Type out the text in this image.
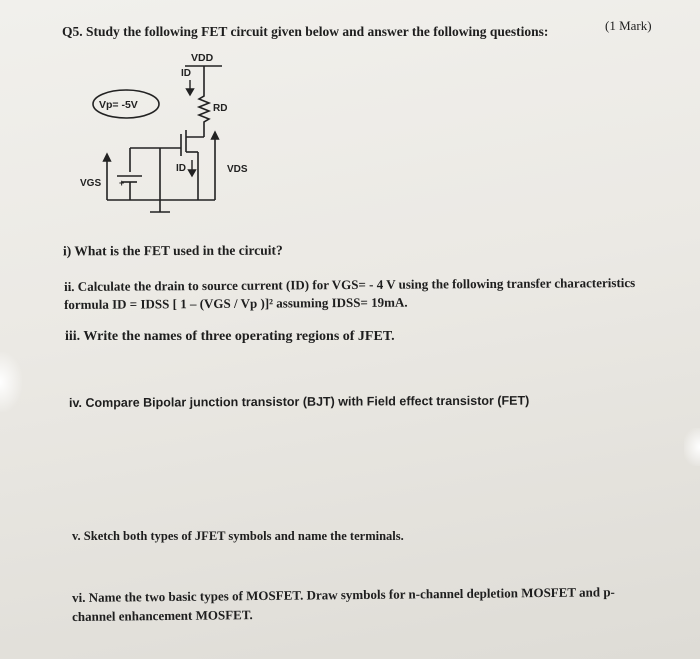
Q5. Study the following FET circuit given below and answer the following questions:	(1 Mark)
+
VDD
ID
Vp= -5V	RD
ID	VDS
VGS
i) What is the FET used in the circuit?
ii. Calculate the drain to source current (ID) for VGS= - 4 V using the following transfer characteristics
formula ID = IDSS [ 1 – (VGS / Vp )]² assuming IDSS= 19mA.
iii. Write the names of three operating regions of JFET.
iv. Compare Bipolar junction transistor (BJT) with Field effect transistor (FET)
v. Sketch both types of JFET symbols and name the terminals.
vi. Name the two basic types of MOSFET. Draw symbols for n-channel depletion MOSFET and p-
channel enhancement MOSFET.
